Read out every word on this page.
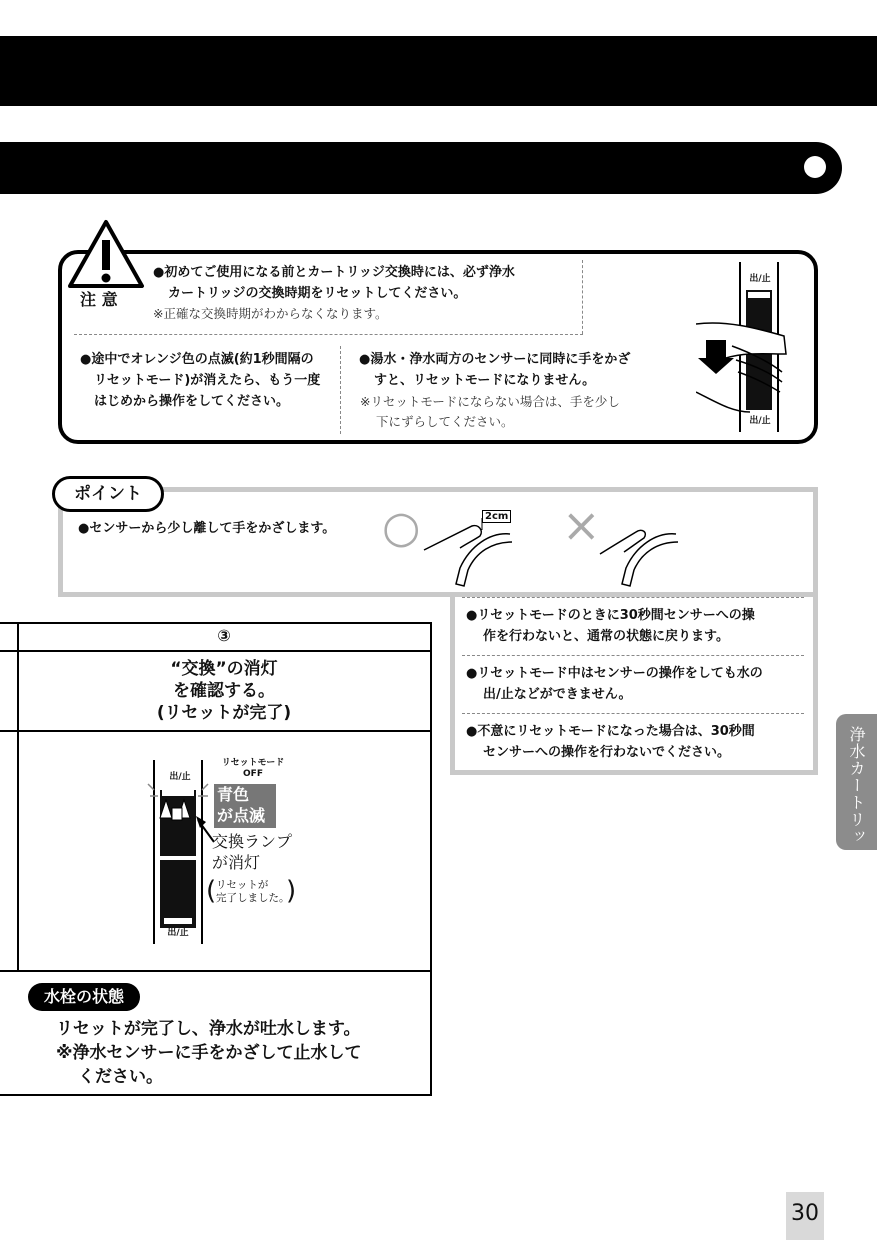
注 意
●初めてご使用になる前とカートリッジ交換時には、必ず浄水
カートリッジの交換時期をリセットしてください。
※正確な交換時期がわからなくなります。
●途中でオレンジ色の点滅(約1秒間隔の
リセットモード)が消えたら、もう一度
はじめから操作をしてください。
●湯水・浄水両方のセンサーに同時に手をかざ
すと、リセットモードになりません。
※リセットモードにならない場合は、手を少し
下にずらしてください。
出/止
出/止
ポイント
●センサーから少し離して手をかざします。 ○	2cm ×
●リセットモードのときに30秒間センサーへの操
作を行わないと、通常の状態に戻ります。
●リセットモード中はセンサーの操作をしても水の
出/止などができません。
●不意にリセットモードになった場合は、30秒間
センサーへの操作を行わないでください。
③
“交換”の消灯
を確認する。
(リセットが完了)
出/止
出/止
リセットモード
OFF
青色
が点滅
交換ランプ
が消灯
( リセットが
完了しました。
)
水栓の状態
リセットが完了し、浄水が吐水します。
※浄水センサーに手をかざして止水して
ください。
浄水カートリッジ
30
